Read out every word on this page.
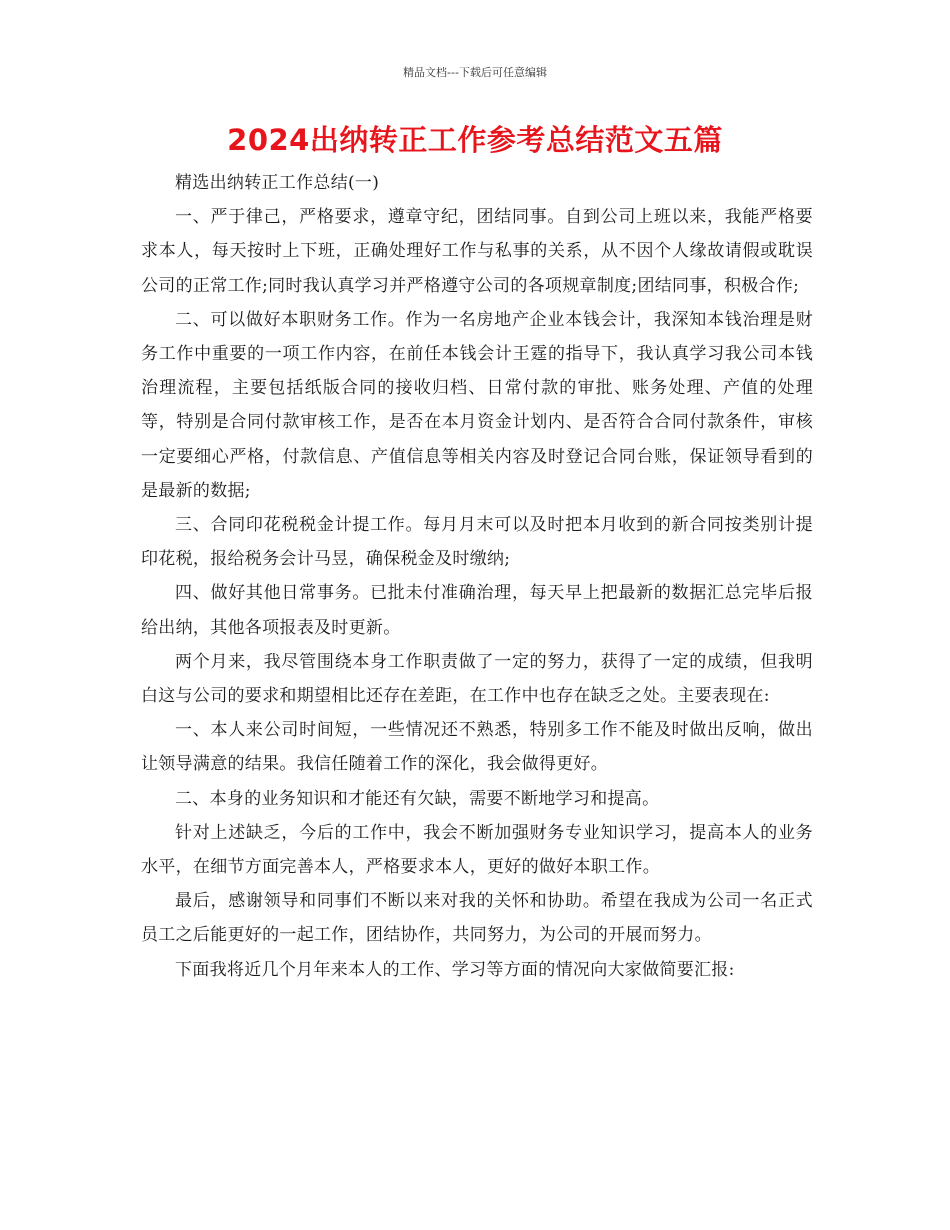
精品文档---下载后可任意编辑
2024出纳转正工作参考总结范文五篇

精选出纳转正工作总结(一)

一、严于律己，严格要求，遵章守纪，团结同事。自到公司上班以来，我能严格要求本人，每天按时上下班，正确处理好工作与私事的关系，从不因个人缘故请假或耽误公司的正常工作;同时我认真学习并严格遵守公司的各项规章制度;团结同事，积极合作;

二、可以做好本职财务工作。作为一名房地产企业本钱会计，我深知本钱治理是财务工作中重要的一项工作内容，在前任本钱会计王霆的指导下，我认真学习我公司本钱治理流程，主要包括纸版合同的接收归档、日常付款的审批、账务处理、产值的处理等，特别是合同付款审核工作，是否在本月资金计划内、是否符合合同付款条件，审核一定要细心严格，付款信息、产值信息等相关内容及时登记合同台账，保证领导看到的是最新的数据;

三、合同印花税税金计提工作。每月月末可以及时把本月收到的新合同按类别计提印花税，报给税务会计马昱，确保税金及时缴纳;

四、做好其他日常事务。已批未付准确治理，每天早上把最新的数据汇总完毕后报给出纳，其他各项报表及时更新。

两个月来，我尽管围绕本身工作职责做了一定的努力，获得了一定的成绩，但我明白这与公司的要求和期望相比还存在差距，在工作中也存在缺乏之处。主要表现在:

一、本人来公司时间短，一些情况还不熟悉，特别多工作不能及时做出反响，做出让领导满意的结果。我信任随着工作的深化，我会做得更好。

二、本身的业务知识和才能还有欠缺，需要不断地学习和提高。

针对上述缺乏，今后的工作中，我会不断加强财务专业知识学习，提高本人的业务水平，在细节方面完善本人，严格要求本人，更好的做好本职工作。

最后，感谢领导和同事们不断以来对我的关怀和协助。希望在我成为公司一名正式员工之后能更好的一起工作，团结协作，共同努力，为公司的开展而努力。

下面我将近几个月年来本人的工作、学习等方面的情况向大家做简要汇报:
